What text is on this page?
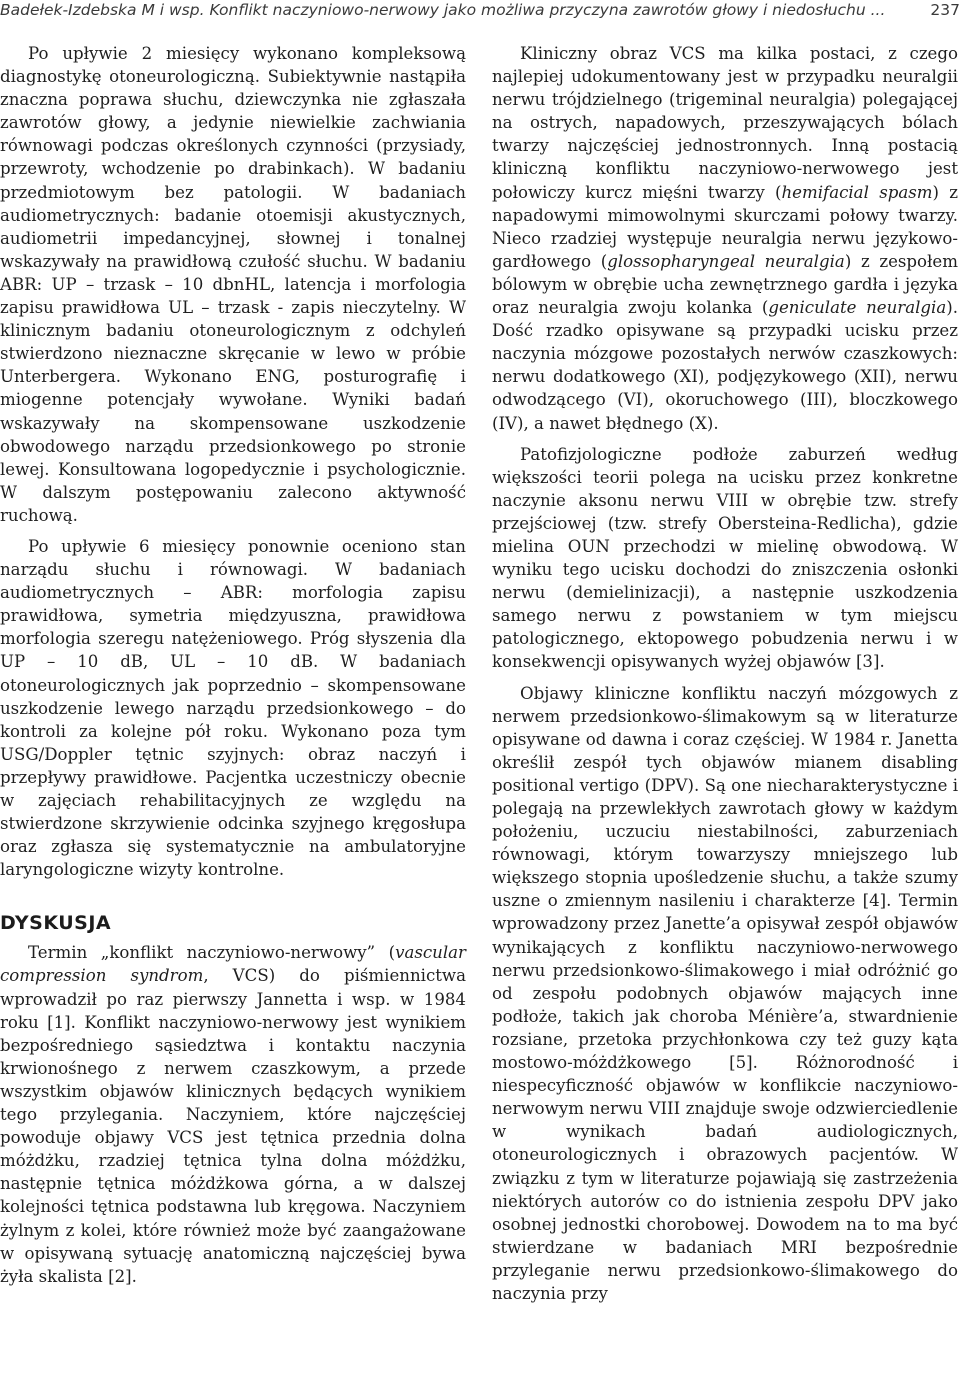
Badełek-Izdebska M i wsp. Konflikt naczyniowo-nerwowy jako możliwa przyczyna zawrotów głowy i niedosłuchu ...	237

Po upływie 2 miesięcy wykonano kompleksową diagnostykę otoneurologiczną. Subiektywnie nastąpiła znaczna poprawa słuchu, dziewczynka nie zgłaszała zawrotów głowy, a jedynie niewielkie zachwiania równowagi podczas określonych czynności (przysiady, przewroty, wchodzenie po drabinkach). W badaniu przedmiotowym bez patologii. W badaniach audiometrycznych: badanie otoemisji akustycznych, audiometrii impedancyjnej, słownej i tonalnej wskazywały na prawidłową czułość słuchu. W badaniu ABR: UP – trzask – 10 dbnHL, latencja i morfologia zapisu prawidłowa UL – trzask - zapis nieczytelny. W klinicznym badaniu otoneurologicznym z odchyleń stwierdzono nieznaczne skręcanie w lewo w próbie Unterbergera. Wykonano ENG, posturografię i miogenne potencjały wywołane. Wyniki badań wskazywały na skompensowane uszkodzenie obwodowego narządu przedsionkowego po stronie lewej. Konsultowana logopedycznie i psychologicznie. W dalszym postępowaniu zalecono aktywność ruchową.

Po upływie 6 miesięcy ponownie oceniono stan narządu słuchu i równowagi. W badaniach audiometrycznych – ABR: morfologia zapisu prawidłowa, symetria międzyuszna, prawidłowa morfologia szeregu natężeniowego. Próg słyszenia dla UP – 10 dB, UL – 10 dB. W badaniach otoneurologicznych jak poprzednio – skompensowane uszkodzenie lewego narządu przedsionkowego – do kontroli za kolejne pół roku. Wykonano poza tym USG/Doppler tętnic szyjnych: obraz naczyń i przepływy prawidłowe. Pacjentka uczestniczy obecnie w zajęciach rehabilitacyjnych ze względu na stwierdzone skrzywienie odcinka szyjnego kręgosłupa oraz zgłasza się systematycznie na ambulatoryjne laryngologiczne wizyty kontrolne.

DYSKUSJA

Termin „konflikt naczyniowo-nerwowy” (vascular compression syndrom, VCS) do piśmiennictwa wprowadził po raz pierwszy Jannetta i wsp. w 1984 roku [1]. Konflikt naczyniowo-nerwowy jest wynikiem bezpośredniego sąsiedztwa i kontaktu naczynia krwionośnego z nerwem czaszkowym, a przede wszystkim objawów klinicznych będących wynikiem tego przylegania. Naczyniem, które najczęściej powoduje objawy VCS jest tętnica przednia dolna móżdżku, rzadziej tętnica tylna dolna móżdżku, następnie tętnica móżdżkowa górna, a w dalszej kolejności tętnica podstawna lub kręgowa. Naczyniem żylnym z kolei, które również może być zaangażowane w opisywaną sytuację anatomiczną najczęściej bywa żyła skalista [2].

Kliniczny obraz VCS ma kilka postaci, z czego najlepiej udokumentowany jest w przypadku neuralgii nerwu trójdzielnego (trigeminal neuralgia) polegającej na ostrych, napadowych, przeszywających bólach twarzy najczęściej jednostronnych. Inną postacią kliniczną konfliktu naczyniowo-nerwowego jest połowiczy kurcz mięśni twarzy (hemifacial spasm) z napadowymi mimowolnymi skurczami połowy twarzy. Nieco rzadziej występuje neuralgia nerwu językowo-gardłowego (glossopharyngeal neuralgia) z zespołem bólowym w obrębie ucha zewnętrznego gardła i języka oraz neuralgia zwoju kolanka (geniculate neuralgia). Dość rzadko opisywane są przypadki ucisku przez naczynia mózgowe pozostałych nerwów czaszkowych: nerwu dodatkowego (XI), podjęzykowego (XII), nerwu odwodzącego (VI), okoruchowego (III), bloczkowego (IV), a nawet błędnego (X).

Patofizjologiczne podłoże zaburzeń według większości teorii polega na ucisku przez konkretne naczynie aksonu nerwu VIII w obrębie tzw. strefy przejściowej (tzw. strefy Obersteina-Redlicha), gdzie mielina OUN przechodzi w mielinę obwodową. W wyniku tego ucisku dochodzi do zniszczenia osłonki nerwu (demielinizacji), a następnie uszkodzenia samego nerwu z powstaniem w tym miejscu patologicznego, ektopowego pobudzenia nerwu i w konsekwencji opisywanych wyżej objawów [3].

Objawy kliniczne konfliktu naczyń mózgowych z nerwem przedsionkowo-ślimakowym są w literaturze opisywane od dawna i coraz częściej. W 1984 r. Janetta określił zespół tych objawów mianem disabling positional vertigo (DPV). Są one niecharakterystyczne i polegają na przewlekłych zawrotach głowy w każdym położeniu, uczuciu niestabilności, zaburzeniach równowagi, którym towarzyszy mniejszego lub większego stopnia upośledzenie słuchu, a także szumy uszne o zmiennym nasileniu i charakterze [4]. Termin wprowadzony przez Janette’a opisywał zespół objawów wynikających z konfliktu naczyniowo-nerwowego nerwu przedsionkowo-ślimakowego i miał odróżnić go od zespołu podobnych objawów mających inne podłoże, takich jak choroba Ménière’a, stwardnienie rozsiane, przetoka przychłonkowa czy też guzy kąta mostowo-móżdżkowego [5]. Różnorodność i niespecyficzność objawów w konflikcie naczyniowo-nerwowym nerwu VIII znajduje swoje odzwierciedlenie w wynikach badań audiologicznych, otoneurologicznych i obrazowych pacjentów. W związku z tym w literaturze pojawiają się zastrzeżenia niektórych autorów co do istnienia zespołu DPV jako osobnej jednostki chorobowej. Dowodem na to ma być stwierdzane w badaniach MRI bezpośrednie przyleganie nerwu przedsionkowo-ślimakowego do naczynia przy
